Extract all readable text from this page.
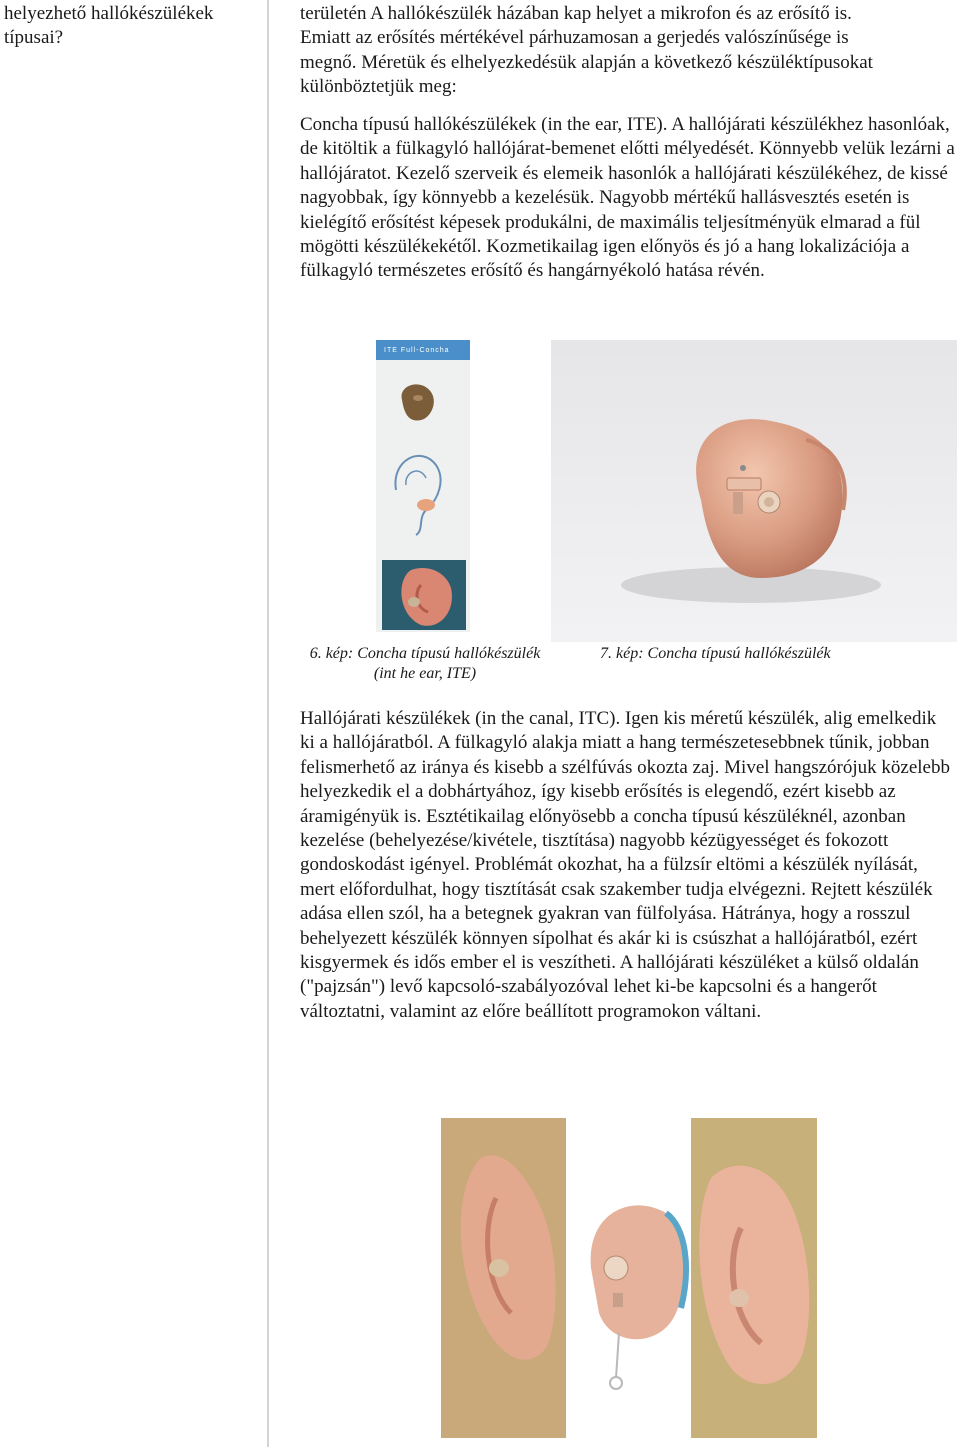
helyezhető hallókészülékek típusai?
területén A hallókészülék házában kap helyet a mikrofon és az erősítő is. Emiatt az erősítés mértékével párhuzamosan a gerjedés valószínűsége is megnő. Méretük és elhelyezkedésük alapján a következő készüléktípusokat különböztetjük meg:
Concha típusú hallókészülékek (in the ear, ITE). A hallójárati készülékhez hasonlóak, de kitöltik a fülkagyló hallójárat-bemenet előtti mélyedését. Könnyebb velük lezárni a hallójáratot. Kezelő szerveik és elemeik hasonlók a hallójárati készülékéhez, de kissé nagyobbak, így könnyebb a kezelésük. Nagyobb mértékű hallásvesztés esetén is kielégítő erősítést képesek produkálni, de maximális teljesítményük elmarad a fül mögötti készülékekétől. Kozmetikailag igen előnyös és jó a hang lokalizációja a fülkagyló természetes erősítő és hangárnyékoló hatása révén.
ITE Full-Concha
6. kép: Concha típusú hallókészülék (int he ear, ITE)
7. kép: Concha típusú hallókészülék
Hallójárati készülékek (in the canal, ITC). Igen kis méretű készülék, alig emelkedik ki a hallójáratból. A fülkagyló alakja miatt a hang természetesebbnek tűnik, jobban felismerhető az iránya és kisebb a szélfúvás okozta zaj. Mivel hangszórójuk közelebb helyezkedik el a dobhártyához, így kisebb erősítés is elegendő, ezért kisebb az áramigényük is. Esztétikailag előnyösebb a concha típusú készüléknél, azonban kezelése (behelyezése/kivétele, tisztítása) nagyobb kézügyességet és fokozott gondoskodást igényel. Problémát okozhat, ha a fülzsír eltömi a készülék nyílását, mert előfordulhat, hogy tisztítását csak szakember tudja elvégezni. Rejtett készülék adása ellen szól, ha a betegnek gyakran van fülfolyása. Hátránya, hogy a rosszul behelyezett készülék könnyen sípolhat és akár ki is csúszhat a hallójáratból, ezért kisgyermek és idős ember el is veszítheti. A hallójárati készüléket a külső oldalán ("pajzsán") levő kapcsoló-szabályozóval lehet ki-be kapcsolni és a hangerőt változtatni, valamint az előre beállított programokon váltani.
